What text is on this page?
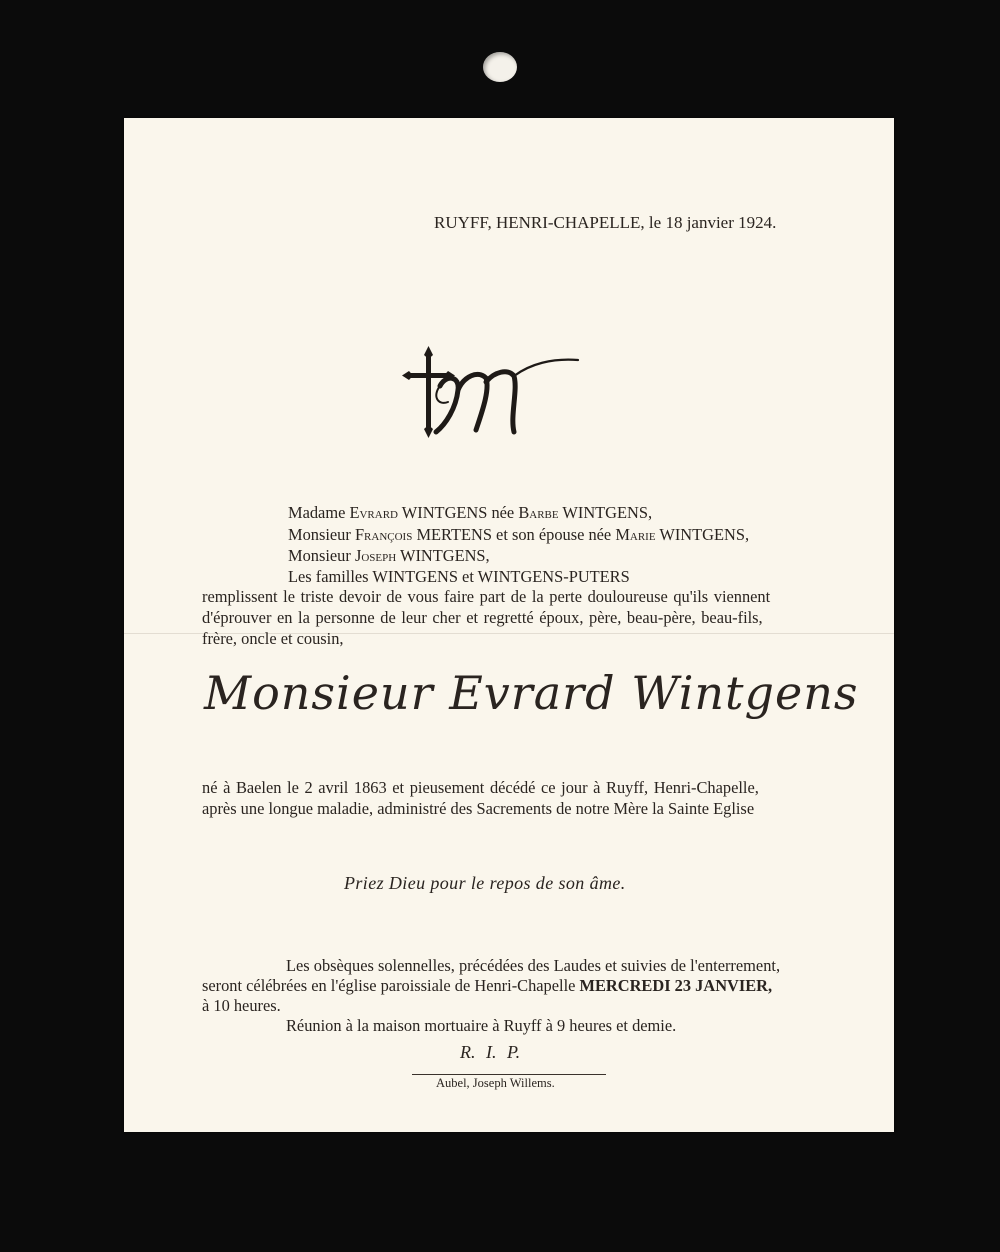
RUYFF, HENRI-CHAPELLE, le 18 janvier 1924.
Madame Evrard WINTGENS née Barbe WINTGENS,
Monsieur François MERTENS et son épouse née Marie WINTGENS,
Monsieur Joseph WINTGENS,
Les familles WINTGENS et WINTGENS-PUTERS
remplissent le triste devoir de vous faire part de la perte douloureuse qu'ils viennent
d'éprouver en la personne de leur cher et regretté époux, père, beau-père, beau-fils,
frère, oncle et cousin,
Monsieur Evrard Wintgens
né à Baelen le 2 avril 1863 et pieusement décédé ce jour à Ruyff, Henri-Chapelle,
après une longue maladie, administré des Sacrements de notre Mère la Sainte Eglise
Priez Dieu pour le repos de son âme.
Les obsèques solennelles, précédées des Laudes et suivies de l'enterrement,
seront célébrées en l'église paroissiale de Henri-Chapelle MERCREDI 23 JANVIER,
à 10 heures.
Réunion à la maison mortuaire à Ruyff à 9 heures et demie.
R. I. P.
Aubel, Joseph Willems.
